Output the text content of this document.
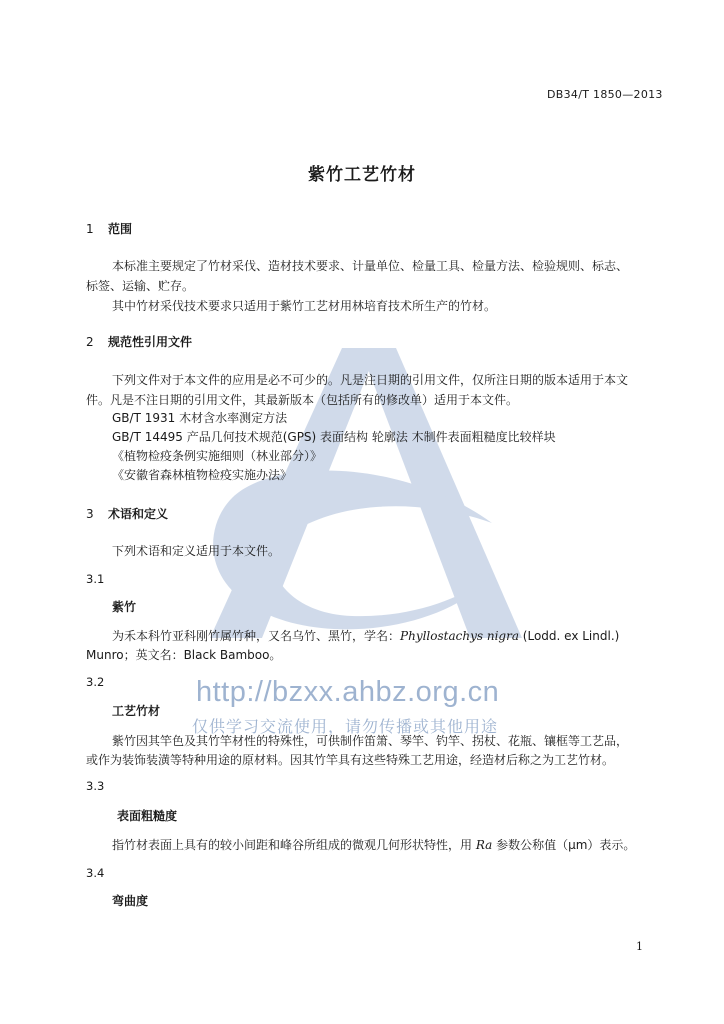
DB34/T 1850—2013
紫竹工艺竹材
1 范围
本标准主要规定了竹材采伐、造材技术要求、计量单位、检量工具、检量方法、检验规则、标志、
标签、运输、贮存。
其中竹材采伐技术要求只适用于紫竹工艺材用林培育技术所生产的竹材。
2 规范性引用文件
下列文件对于本文件的应用是必不可少的。凡是注日期的引用文件，仅所注日期的版本适用于本文
件。凡是不注日期的引用文件，其最新版本（包括所有的修改单）适用于本文件。
GB/T 1931 木材含水率测定方法
GB/T 14495 产品几何技术规范(GPS) 表面结构 轮廓法 木制件表面粗糙度比较样块
《植物检疫条例实施细则（林业部分）》
《安徽省森林植物检疫实施办法》
3 术语和定义
下列术语和定义适用于本文件。
3.1
紫竹
为禾本科竹亚科刚竹属竹种，又名乌竹、黑竹，学名：Phyllostachys nigra (Lodd. ex Lindl.)
Munro；英文名：Black Bamboo。
3.2
工艺竹材
紫竹因其竿色及其竹竿材性的特殊性，可供制作笛箫、琴竿、钓竿、拐杖、花瓶、镶框等工艺品，
或作为装饰装潢等特种用途的原材料。因其竹竿具有这些特殊工艺用途，经造材后称之为工艺竹材。
3.3
表面粗糙度
指竹材表面上具有的较小间距和峰谷所组成的微观几何形状特性，用 Ra 参数公称值（μm）表示。
3.4
弯曲度
http://bzxx.ahbz.org.cn
仅供学习交流使用，请勿传播或其他用途
1
